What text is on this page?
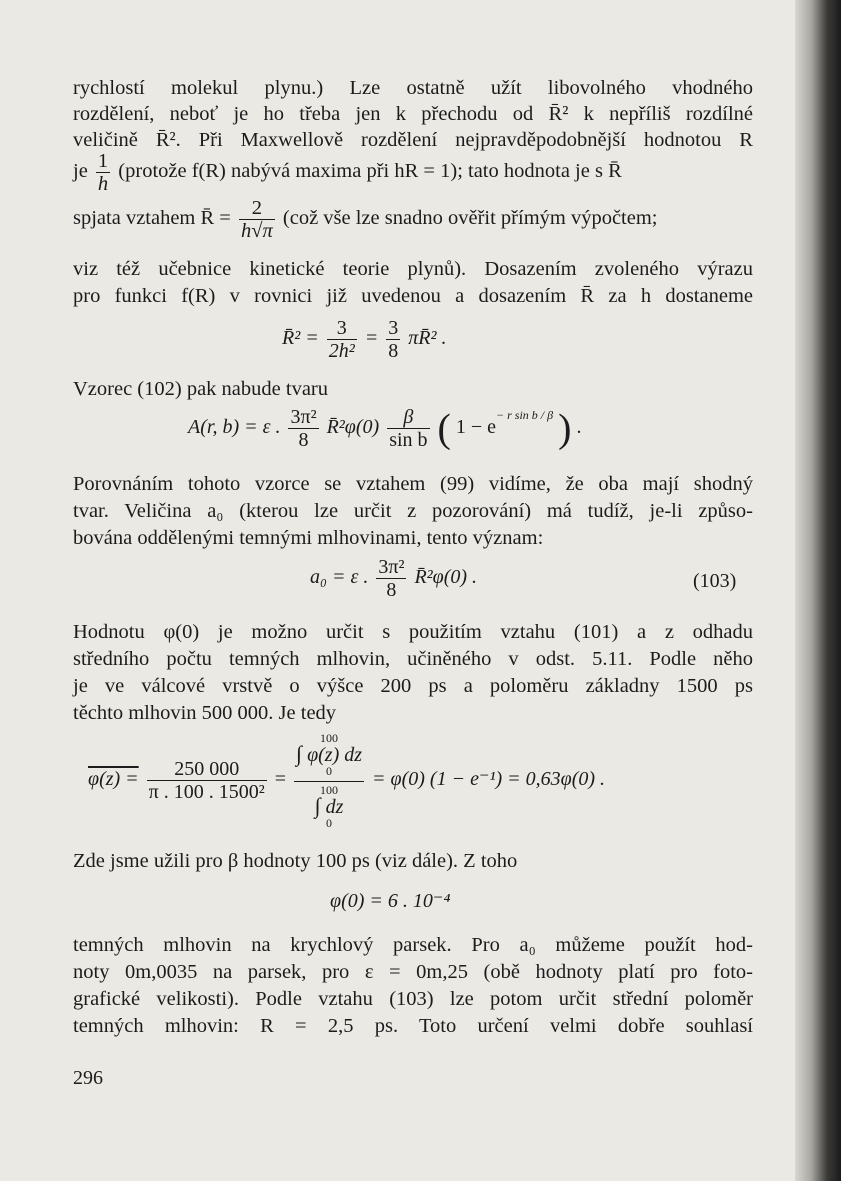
rychlostí molekul plynu.) Lze ostatně užít libovolného vhodného
rozdělení, neboť je ho třeba jen k přechodu od R̄² k nepříliš rozdílné
veličině R̄². Při Maxwellově rozdělení nejpravděpodobnější hodnotou R
je $\frac{1}{h}$ (protože f(R) nabývá maxima při hR = 1); tato hodnota je s R̄
spjata vztahem R̄ = $\frac{2}{h√\pi}$ (což vše lze snadno ověřit přímým výpočtem;
viz též učebnice kinetické teorie plynů). Dosazením zvoleného výrazu
pro funkci f(R) v rovnici již uvedenou a dosazením R̄ za h dostaneme
R̄² = $\frac{3}{\text{2h²}} = \frac{3}{8}$ πR̄² .
Vzorec (102) pak nabude tvaru
A(r, b) = ε . $\frac{\text{3π²}}{8}$ R̄²φ(0) $\frac{\beta}{\text{sin b}}$ ( $1 - e^{- r sin b / \beta}$ ) .
Porovnáním tohoto vzorce se vztahem (99) vidíme, že oba mají shodný
tvar. Veličina a₀ (kterou lze určit z pozorování) má tudíž, je-li způso-
bována oddělenými temnými mlhovinami, tento význam:
a₀ = ε . $\frac{\text{3π²}}{8}$ R̄²φ(0) .	(103)
Hodnotu φ(0) je možno určit s použitím vztahu (101) a z odhadu
středního počtu temných mlhovin, učiněného v odst. 5.11. Podle něho
je ve válcové vrstvě o výšce 200 ps a poloměru základny 1500 ps
těchto mlhovin 500 000. Je tedy
$\varphi(z) = \frac{250 000}{\text{π . 100 . 1500²}} = 100$
∫ φ(z) dz
0
100
∫ dz
0 = φ(0) (1 − e⁻¹) = 0,63φ(0) .
Zde jsme užili pro β hodnoty 100 ps (viz dále). Z toho
φ(0) = 6 . 10⁻⁴
temných mlhovin na krychlový parsek. Pro a₀ můžeme použít hod-
noty 0m,0035 na parsek, pro ε = 0m,25 (obě hodnoty platí pro foto-
grafické velikosti). Podle vztahu (103) lze potom určit střední poloměr
temných mlhovin: R = 2,5 ps. Toto určení velmi dobře souhlasí
296
